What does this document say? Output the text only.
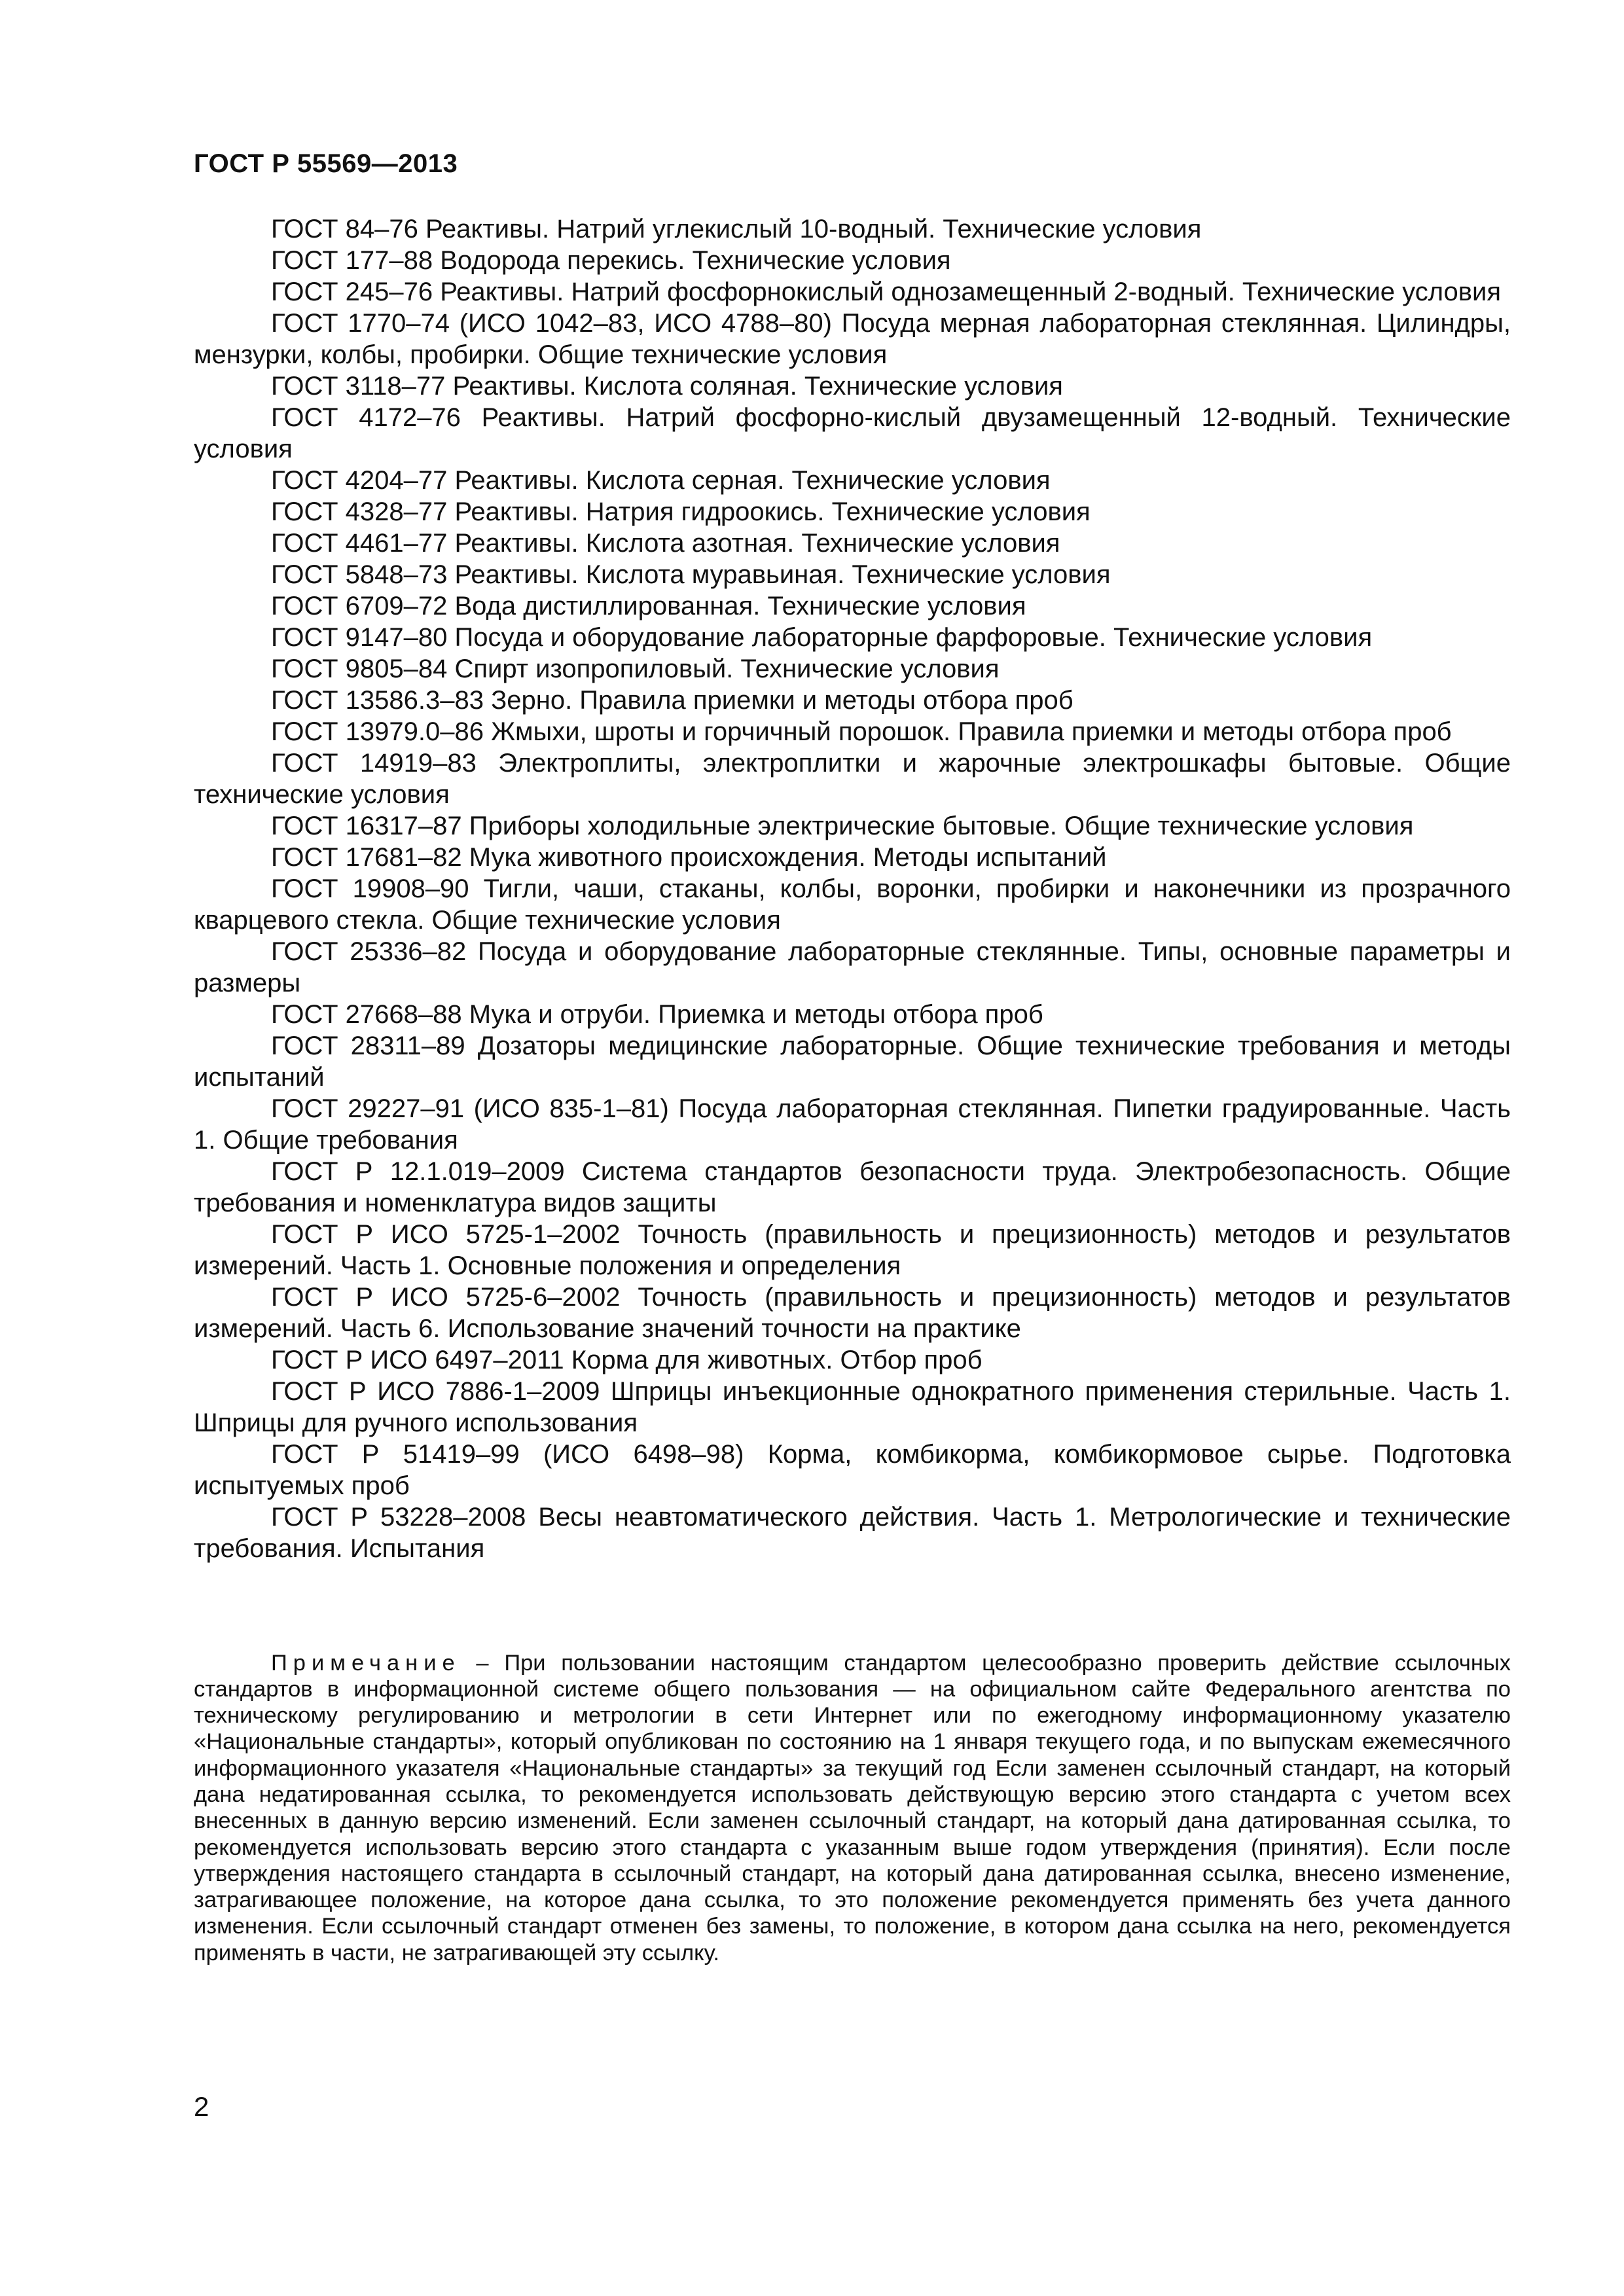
ГОСТ Р 55569—2013

ГОСТ 84–76 Реактивы. Натрий углекислый 10-водный. Технические условия

ГОСТ 177–88 Водорода перекись. Технические условия

ГОСТ 245–76 Реактивы. Натрий фосфорнокислый однозамещенный 2-водный. Технические условия

ГОСТ 1770–74 (ИСО 1042–83, ИСО 4788–80) Посуда мерная лабораторная стеклянная. Цилиндры, мензурки, колбы, пробирки. Общие технические условия

ГОСТ 3118–77 Реактивы. Кислота соляная. Технические условия

ГОСТ 4172–76 Реактивы. Натрий фосфорно-кислый двузамещенный 12-водный. Технические условия

ГОСТ 4204–77 Реактивы. Кислота серная. Технические условия

ГОСТ 4328–77 Реактивы. Натрия гидроокись. Технические условия

ГОСТ 4461–77 Реактивы. Кислота азотная. Технические условия

ГОСТ 5848–73 Реактивы. Кислота муравьиная. Технические условия

ГОСТ 6709–72 Вода дистиллированная. Технические условия

ГОСТ 9147–80 Посуда и оборудование лабораторные фарфоровые. Технические условия

ГОСТ 9805–84 Спирт изопропиловый. Технические условия

ГОСТ 13586.3–83 Зерно. Правила приемки и методы отбора проб

ГОСТ 13979.0–86 Жмыхи, шроты и горчичный порошок. Правила приемки и методы отбора проб

ГОСТ 14919–83 Электроплиты, электроплитки и жарочные электрошкафы бытовые. Общие технические условия

ГОСТ 16317–87 Приборы холодильные электрические бытовые. Общие технические условия

ГОСТ 17681–82 Мука животного происхождения. Методы испытаний

ГОСТ 19908–90 Тигли, чаши, стаканы, колбы, воронки, пробирки и наконечники из прозрачного кварцевого стекла. Общие технические условия

ГОСТ 25336–82 Посуда и оборудование лабораторные стеклянные. Типы, основные параметры и размеры

ГОСТ 27668–88 Мука и отруби. Приемка и методы отбора проб

ГОСТ 28311–89 Дозаторы медицинские лабораторные. Общие технические требования и методы испытаний

ГОСТ 29227–91 (ИСО 835-1–81) Посуда лабораторная стеклянная. Пипетки градуированные. Часть 1. Общие требования

ГОСТ Р 12.1.019–2009 Система стандартов безопасности труда. Электробезопасность. Общие требования и номенклатура видов защиты

ГОСТ Р ИСО 5725-1–2002 Точность (правильность и прецизионность) методов и результатов измерений. Часть 1. Основные положения и определения

ГОСТ Р ИСО 5725-6–2002 Точность (правильность и прецизионность) методов и результатов измерений. Часть 6. Использование значений точности на практике

ГОСТ Р ИСО 6497–2011 Корма для животных. Отбор проб

ГОСТ Р ИСО 7886-1–2009 Шприцы инъекционные однократного применения стерильные. Часть 1. Шприцы для ручного использования

ГОСТ Р 51419–99 (ИСО 6498–98) Корма, комбикорма, комбикормовое сырье. Подготовка испытуемых проб

ГОСТ Р 53228–2008 Весы неавтоматического действия. Часть 1. Метрологические и технические требования. Испытания

Примечание – При пользовании настоящим стандартом целесообразно проверить действие ссылочных стандартов в информационной системе общего пользования — на официальном сайте Федерального агентства по техническому регулированию и метрологии в сети Интернет или по ежегодному информационному указателю «Национальные стандарты», который опубликован по состоянию на 1 января текущего года, и по выпускам ежемесячного информационного указателя «Национальные стандарты» за текущий год Если заменен ссылочный стандарт, на который дана недатированная ссылка, то рекомендуется использовать действующую версию этого стандарта с учетом всех внесенных в данную версию изменений. Если заменен ссылочный стандарт, на который дана датированная ссылка, то рекомендуется использовать версию этого стандарта с указанным выше годом утверждения (принятия). Если после утверждения настоящего стандарта в ссылочный стандарт, на который дана датированная ссылка, внесено изменение, затрагивающее положение, на которое дана ссылка, то это положение рекомендуется применять без учета данного изменения. Если ссылочный стандарт отменен без замены, то положение, в котором дана ссылка на него, рекомендуется применять в части, не затрагивающей эту ссылку.

2
